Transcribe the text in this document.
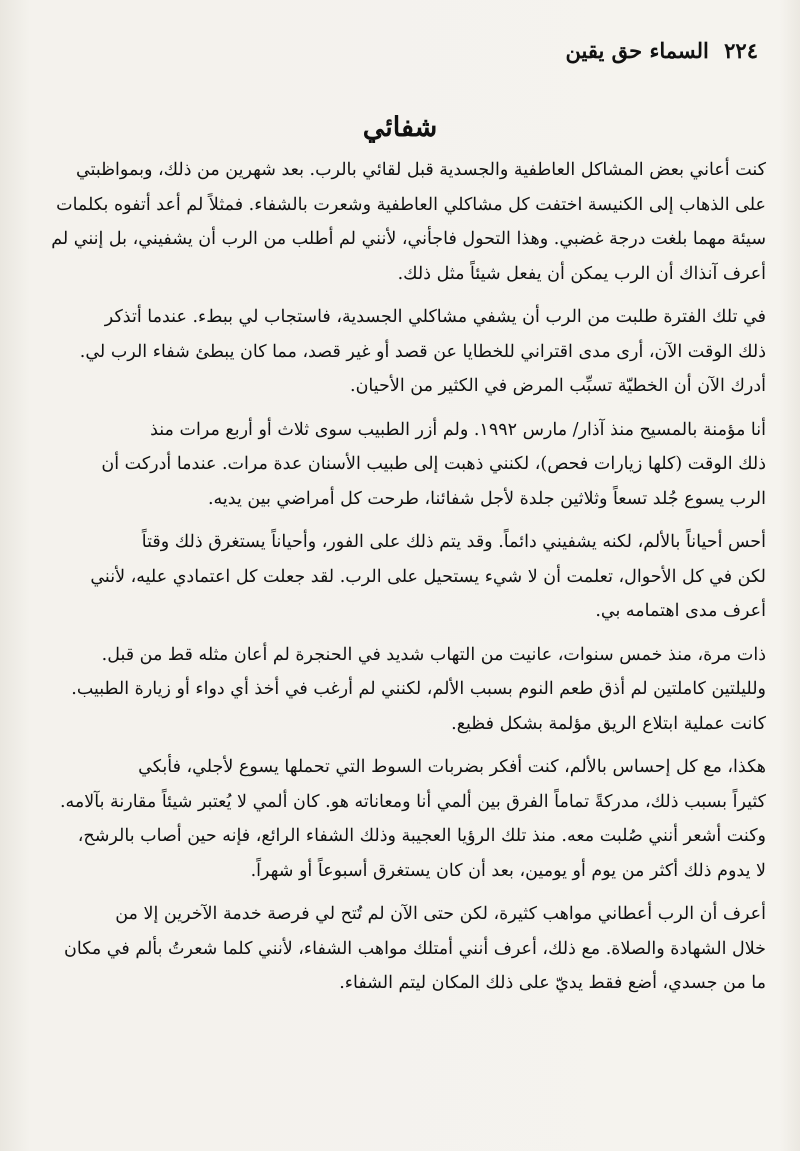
٢٢٤ السماء حق يقين
شفائي

كنت أعاني بعض المشاكل العاطفية والجسدية قبل لقائي بالرب. بعد شهرين من ذلك، وبمواظبتي
على الذهاب إلى الكنيسة اختفت كل مشاكلي العاطفية وشعرت بالشفاء. فمثلاً لم أعد أتفوه بكلمات
سيئة مهما بلغت درجة غضبي. وهذا التحول فاجأني، لأنني لم أطلب من الرب أن يشفيني، بل إنني لم
أعرف آنذاك أن الرب يمكن أن يفعل شيئاً مثل ذلك.

في تلك الفترة طلبت من الرب أن يشفي مشاكلي الجسدية، فاستجاب لي ببطء. عندما أتذكر
ذلك الوقت الآن، أرى مدى اقتراني للخطايا عن قصد أو غير قصد، مما كان يبطئ شفاء الرب لي.
أدرك الآن أن الخطيّة تسبِّب المرض في الكثير من الأحيان.

أنا مؤمنة بالمسيح منذ آذار/ مارس ١٩٩٢. ولم أزر الطبيب سوى ثلاث أو أربع مرات منذ
ذلك الوقت (كلها زيارات فحص)، لكنني ذهبت إلى طبيب الأسنان عدة مرات. عندما أدركت أن
الرب يسوع جُلد تسعاً وثلاثين جلدة لأجل شفائنا، طرحت كل أمراضي بين يديه.

أحس أحياناً بالألم، لكنه يشفيني دائماً. وقد يتم ذلك على الفور، وأحياناً يستغرق ذلك وقتاً
لكن في كل الأحوال، تعلمت أن لا شيء يستحيل على الرب. لقد جعلت كل اعتمادي عليه، لأنني
أعرف مدى اهتمامه بي.

ذات مرة، منذ خمس سنوات، عانيت من التهاب شديد في الحنجرة لم أعان مثله قط من قبل.
ولليلتين كاملتين لم أذق طعم النوم بسبب الألم، لكنني لم أرغب في أخذ أي دواء أو زيارة الطبيب.
كانت عملية ابتلاع الريق مؤلمة بشكل فظيع.

هكذا، مع كل إحساس بالألم، كنت أفكر بضربات السوط التي تحملها يسوع لأجلي، فأبكي
كثيراً بسبب ذلك، مدركةً تماماً الفرق بين ألمي أنا ومعاناته هو. كان ألمي لا يُعتبر شيئاً مقارنة بآلامه.
وكنت أشعر أنني صُلبت معه. منذ تلك الرؤيا العجيبة وذلك الشفاء الرائع، فإنه حين أصاب بالرشح،
لا يدوم ذلك أكثر من يوم أو يومين، بعد أن كان يستغرق أسبوعاً أو شهراً.

أعرف أن الرب أعطاني مواهب كثيرة، لكن حتى الآن لم تُتح لي فرصة خدمة الآخرين إلا من
خلال الشهادة والصلاة. مع ذلك، أعرف أنني أمتلك مواهب الشفاء، لأنني كلما شعرتُ بألم في مكان
ما من جسدي، أضع فقط يديّ على ذلك المكان ليتم الشفاء.
